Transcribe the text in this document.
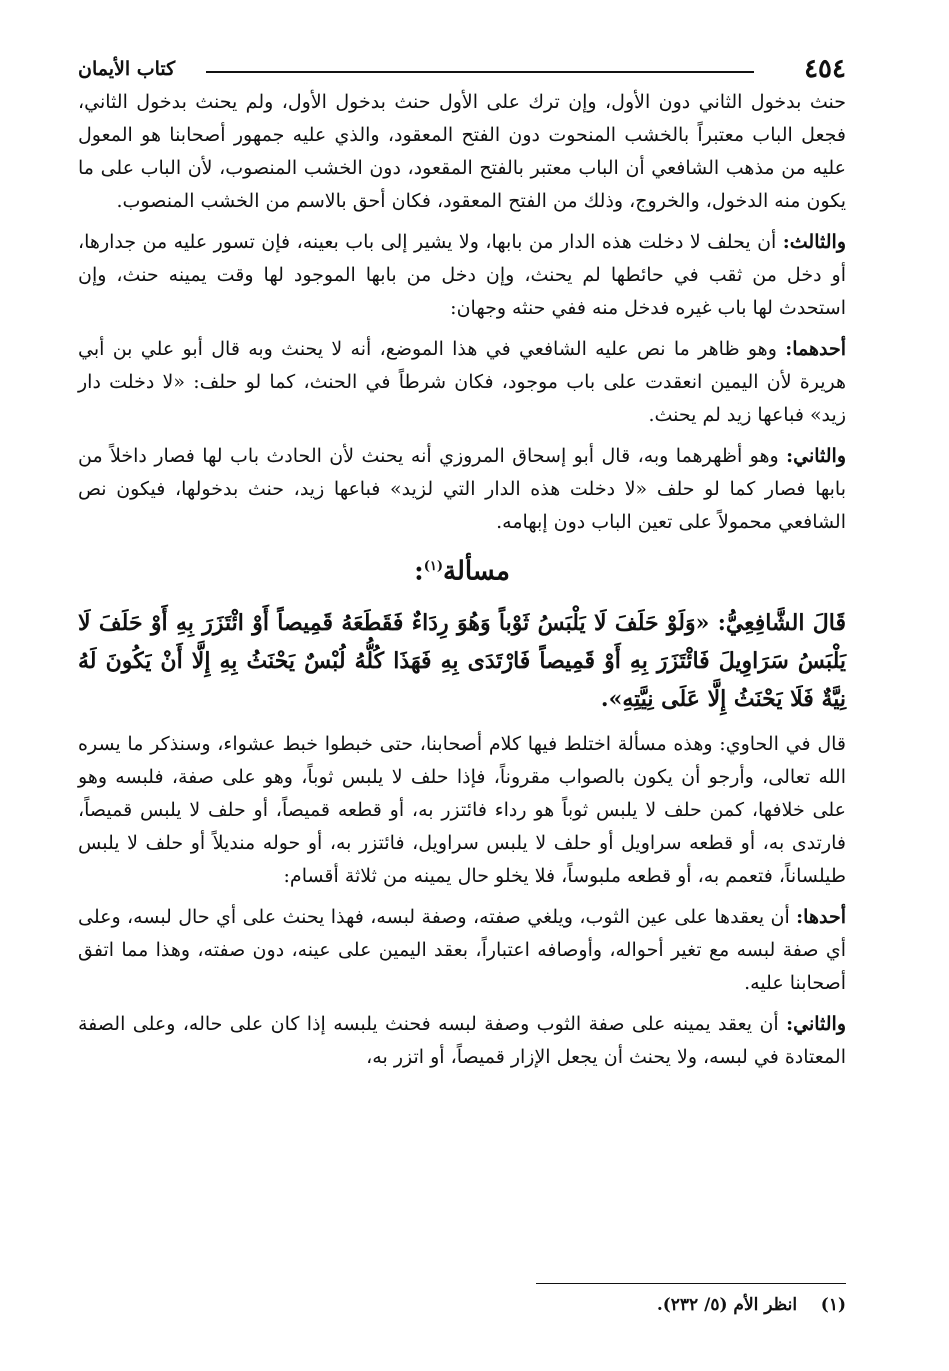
٤٥٤
كتاب الأيمان

حنث بدخول الثاني دون الأول، وإن ترك على الأول حنث بدخول الأول، ولم يحنث بدخول الثاني، فجعل الباب معتبراً بالخشب المنحوت دون الفتح المعقود، والذي عليه جمهور أصحابنا هو المعول عليه من مذهب الشافعي أن الباب معتبر بالفتح المقعود، دون الخشب المنصوب، لأن الباب على ما يكون منه الدخول، والخروج، وذلك من الفتح المعقود، فكان أحق بالاسم من الخشب المنصوب.

والثالث: أن يحلف لا دخلت هذه الدار من بابها، ولا يشير إلى باب بعينه، فإن تسور عليه من جدارها، أو دخل من ثقب في حائطها لم يحنث، وإن دخل من بابها الموجود لها وقت يمينه حنث، وإن استحدث لها باب غيره فدخل منه ففي حنثه وجهان:

أحدهما: وهو ظاهر ما نص عليه الشافعي في هذا الموضع، أنه لا يحنث وبه قال أبو علي بن أبي هريرة لأن اليمين انعقدت على باب موجود، فكان شرطاً في الحنث، كما لو حلف: «لا دخلت دار زيد» فباعها زيد لم يحنث.

والثاني: وهو أظهرهما وبه، قال أبو إسحاق المروزي أنه يحنث لأن الحادث باب لها فصار داخلاً من بابها فصار كما لو حلف «لا دخلت هذه الدار التي لزيد» فباعها زيد، حنث بدخولها، فيكون نص الشافعي محمولاً على تعين الباب دون إبهامه.

مسألة$^{(١)}$:

قَالَ الشَّافِعِيُّ: «وَلَوْ حَلَفَ لَا يَلْبَسُ ثَوْباً وَهُوَ رِدَاءٌ فَقَطَعَهُ قَمِيصاً أَوْ ائْتَزَرَ بِهِ أَوْ حَلَفَ لَا يَلْبَسُ سَرَاوِيلَ فَائْتَزَرَ بِهِ أَوْ قَمِيصاً فَارْتَدَى بِهِ فَهَذَا كُلُّهُ لُبْسٌ يَحْنَثُ بِهِ إِلَّا أَنْ يَكُونَ لَهُ نِيَّةٌ فَلَا يَحْنَثُ إِلَّا عَلَى نِيَّتِهِ».

قال في الحاوي: وهذه مسألة اختلط فيها كلام أصحابنا، حتى خبطوا خبط عشواء، وسنذكر ما يسره الله تعالى، وأرجو أن يكون بالصواب مقروناً، فإذا حلف لا يلبس ثوباً، وهو على صفة، فلبسه وهو على خلافها، كمن حلف لا يلبس ثوباً هو رداء فائتزر به، أو قطعه قميصاً، أو حلف لا يلبس قميصاً، فارتدى به، أو قطعه سراويل أو حلف لا يلبس سراويل، فائتزر به، أو حوله منديلاً أو حلف لا يلبس طيلساناً، فتعمم به، أو قطعه ملبوساً، فلا يخلو حال يمينه من ثلاثة أقسام:

أحدها: أن يعقدها على عين الثوب، ويلغي صفته، وصفة لبسه، فهذا يحنث على أي حال لبسه، وعلى أي صفة لبسه مع تغير أحواله، وأوصافه اعتباراً، بعقد اليمين على عينه، دون صفته، وهذا مما اتفق أصحابنا عليه.

والثاني: أن يعقد يمينه على صفة الثوب وصفة لبسه فحنث يلبسه إذا كان على حاله، وعلى الصفة المعتادة في لبسه، ولا يحنث أن يجعل الإزار قميصاً، أو اتزر به،

(١)    انظر الأم (٥/ ٢٣٢).
